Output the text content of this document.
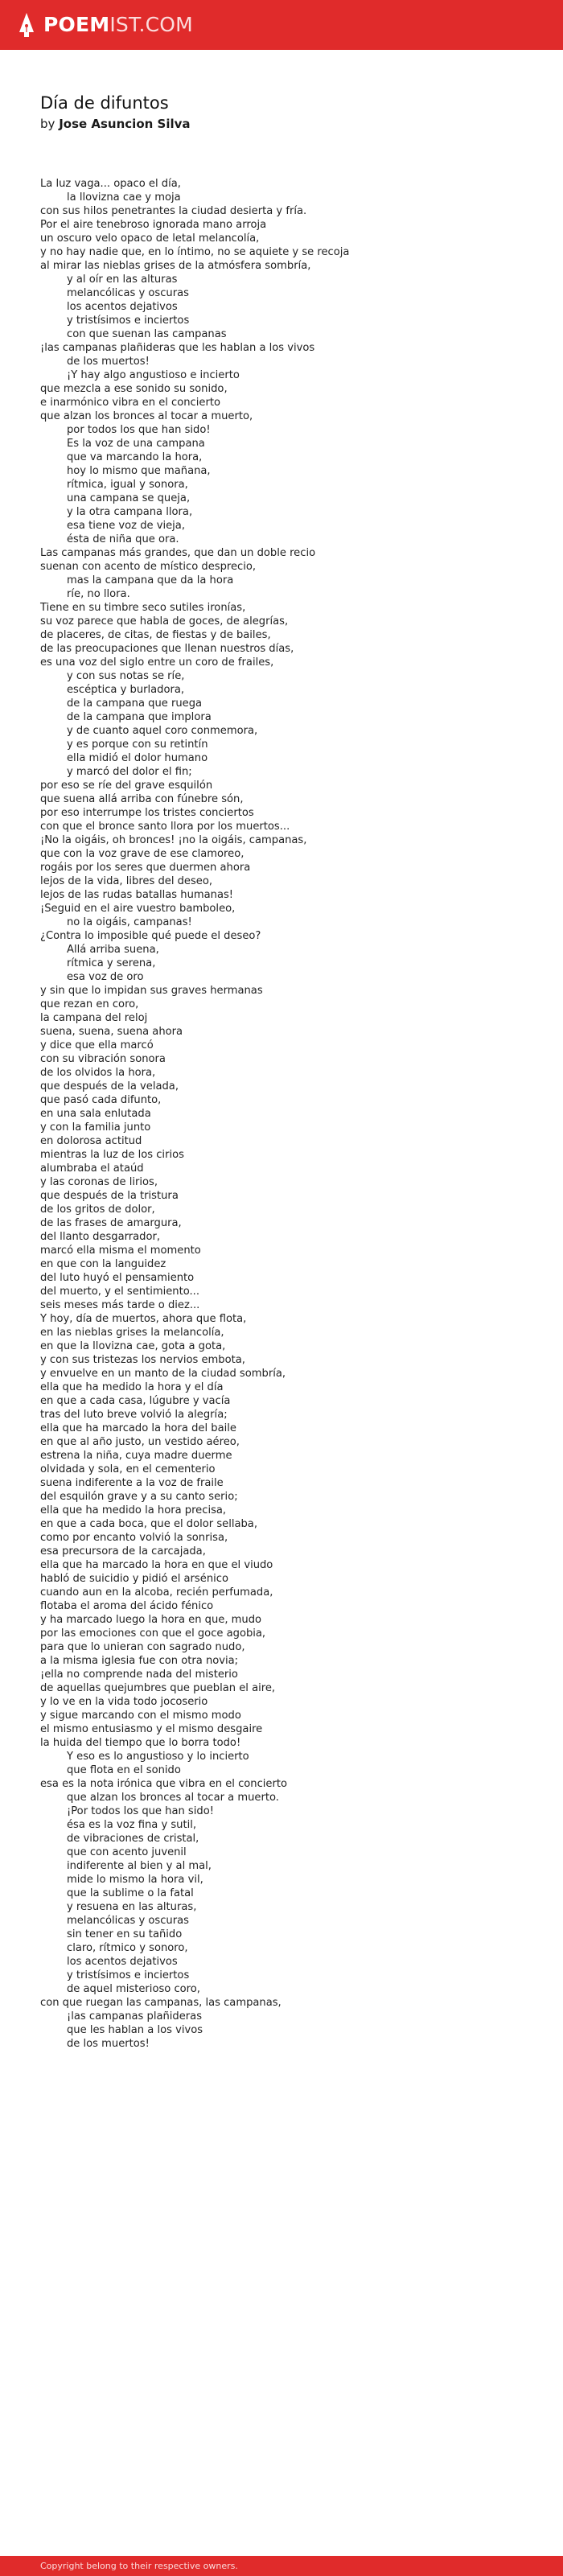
POEMIST.COM
Día de difuntos

by Jose Asuncion Silva

La luz vaga... opaco el día,
la llovizna cae y moja
con sus hilos penetrantes la ciudad desierta y fría.
Por el aire tenebroso ignorada mano arroja
un oscuro velo opaco de letal melancolía,
y no hay nadie que, en lo íntimo, no se aquiete y se recoja
al mirar las nieblas grises de la atmósfera sombría,
y al oír en las alturas
melancólicas y oscuras
los acentos dejativos
y tristísimos e inciertos
con que suenan las campanas
¡las campanas plañideras que les hablan a los vivos
de los muertos!
¡Y hay algo angustioso e incierto
que mezcla a ese sonido su sonido,
e inarmónico vibra en el concierto
que alzan los bronces al tocar a muerto,
por todos los que han sido!
Es la voz de una campana
que va marcando la hora,
hoy lo mismo que mañana,
rítmica, igual y sonora,
una campana se queja,
y la otra campana llora,
esa tiene voz de vieja,
ésta de niña que ora.
Las campanas más grandes, que dan un doble recio
suenan con acento de místico desprecio,
mas la campana que da la hora
ríe, no llora.
Tiene en su timbre seco sutiles ironías,
su voz parece que habla de goces, de alegrías,
de placeres, de citas, de fiestas y de bailes,
de las preocupaciones que llenan nuestros días,
es una voz del siglo entre un coro de frailes,
y con sus notas se ríe,
escéptica y burladora,
de la campana que ruega
de la campana que implora
y de cuanto aquel coro conmemora,
y es porque con su retintín
ella midió el dolor humano
y marcó del dolor el fin;
por eso se ríe del grave esquilón
que suena allá arriba con fúnebre són,
por eso interrumpe los tristes conciertos
con que el bronce santo llora por los muertos...
¡No la oigáis, oh bronces! ¡no la oigáis, campanas,
que con la voz grave de ese clamoreo,
rogáis por los seres que duermen ahora
lejos de la vida, libres del deseo,
lejos de las rudas batallas humanas!
¡Seguid en el aire vuestro bamboleo,
no la oigáis, campanas!
¿Contra lo imposible qué puede el deseo?
Allá arriba suena,
rítmica y serena,
esa voz de oro
y sin que lo impidan sus graves hermanas
que rezan en coro,
la campana del reloj
suena, suena, suena ahora
y dice que ella marcó
con su vibración sonora
de los olvidos la hora,
que después de la velada,
que pasó cada difunto,
en una sala enlutada
y con la familia junto
en dolorosa actitud
mientras la luz de los cirios
alumbraba el ataúd
y las coronas de lirios,
que después de la tristura
de los gritos de dolor,
de las frases de amargura,
del llanto desgarrador,
marcó ella misma el momento
en que con la languidez
del luto huyó el pensamiento
del muerto, y el sentimiento...
seis meses más tarde o diez...
Y hoy, día de muertos, ahora que flota,
en las nieblas grises la melancolía,
en que la llovizna cae, gota a gota,
y con sus tristezas los nervios embota,
y envuelve en un manto de la ciudad sombría,
ella que ha medido la hora y el día
en que a cada casa, lúgubre y vacía
tras del luto breve volvió la alegría;
ella que ha marcado la hora del baile
en que al año justo, un vestido aéreo,
estrena la niña, cuya madre duerme
olvidada y sola, en el cementerio
suena indiferente a la voz de fraile
del esquilón grave y a su canto serio;
ella que ha medido la hora precisa,
en que a cada boca, que el dolor sellaba,
como por encanto volvió la sonrisa,
esa precursora de la carcajada,
ella que ha marcado la hora en que el viudo
habló de suicidio y pidió el arsénico
cuando aun en la alcoba, recién perfumada,
flotaba el aroma del ácido fénico
y ha marcado luego la hora en que, mudo
por las emociones con que el goce agobia,
para que lo unieran con sagrado nudo,
a la misma iglesia fue con otra novia;
¡ella no comprende nada del misterio
de aquellas quejumbres que pueblan el aire,
y lo ve en la vida todo jocoserio
y sigue marcando con el mismo modo
el mismo entusiasmo y el mismo desgaire
la huida del tiempo que lo borra todo!
Y eso es lo angustioso y lo incierto
que flota en el sonido
esa es la nota irónica que vibra en el concierto
que alzan los bronces al tocar a muerto.
¡Por todos los que han sido!
ésa es la voz fina y sutil,
de vibraciones de cristal,
que con acento juvenil
indiferente al bien y al mal,
mide lo mismo la hora vil,
que la sublime o la fatal
y resuena en las alturas,
melancólicas y oscuras
sin tener en su tañido
claro, rítmico y sonoro,
los acentos dejativos
y tristísimos e inciertos
de aquel misterioso coro,
con que ruegan las campanas, las campanas,
¡las campanas plañideras
que les hablan a los vivos
de los muertos!
Copyright belong to their respective owners.
